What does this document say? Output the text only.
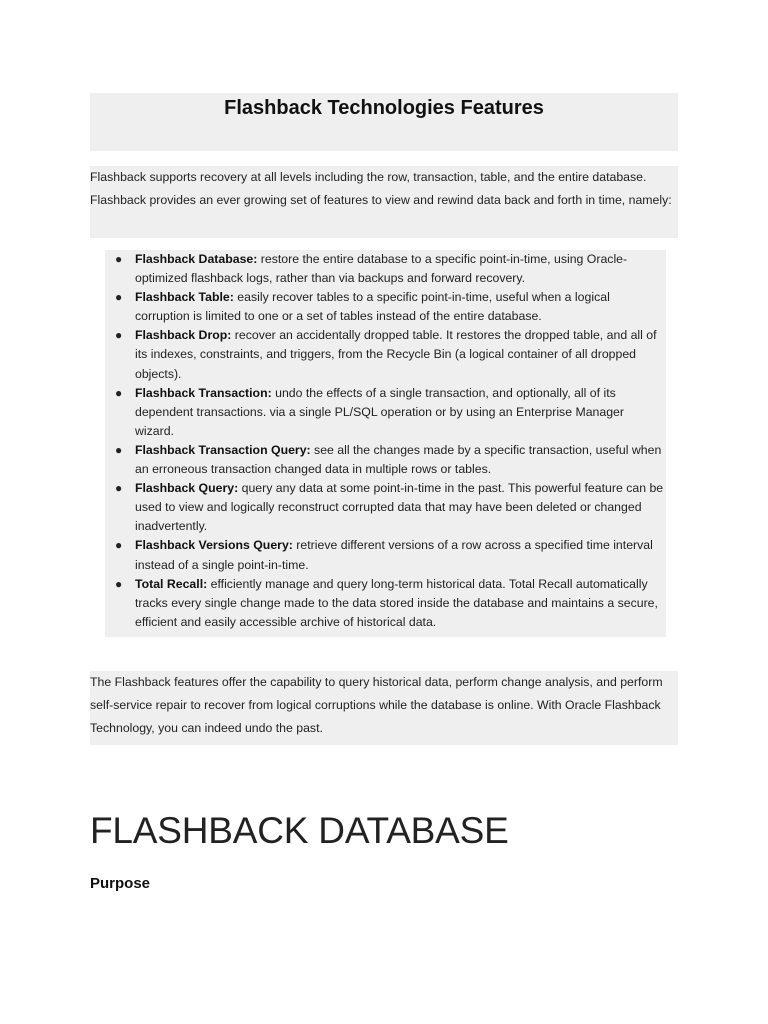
Flashback Technologies Features

Flashback supports recovery at all levels including the row, transaction, table, and the entire database. Flashback provides an ever growing set of features to view and rewind data back and forth in time, namely:

● Flashback Database: restore the entire database to a specific point-in-time, using Oracle-optimized flashback logs, rather than via backups and forward recovery.
● Flashback Table: easily recover tables to a specific point-in-time, useful when a logical corruption is limited to one or a set of tables instead of the entire database.
● Flashback Drop: recover an accidentally dropped table. It restores the dropped table, and all of its indexes, constraints, and triggers, from the Recycle Bin (a logical container of all dropped objects).
● Flashback Transaction: undo the effects of a single transaction, and optionally, all of its dependent transactions. via a single PL/SQL operation or by using an Enterprise Manager wizard.
● Flashback Transaction Query: see all the changes made by a specific transaction, useful when an erroneous transaction changed data in multiple rows or tables.
● Flashback Query: query any data at some point-in-time in the past. This powerful feature can be used to view and logically reconstruct corrupted data that may have been deleted or changed inadvertently.
● Flashback Versions Query: retrieve different versions of a row across a specified time interval instead of a single point-in-time.
● Total Recall: efficiently manage and query long-term historical data. Total Recall automatically tracks every single change made to the data stored inside the database and maintains a secure, efficient and easily accessible archive of historical data.

The Flashback features offer the capability to query historical data, perform change analysis, and perform self-service repair to recover from logical corruptions while the database is online. With Oracle Flashback Technology, you can indeed undo the past.

FLASHBACK DATABASE
Purpose
